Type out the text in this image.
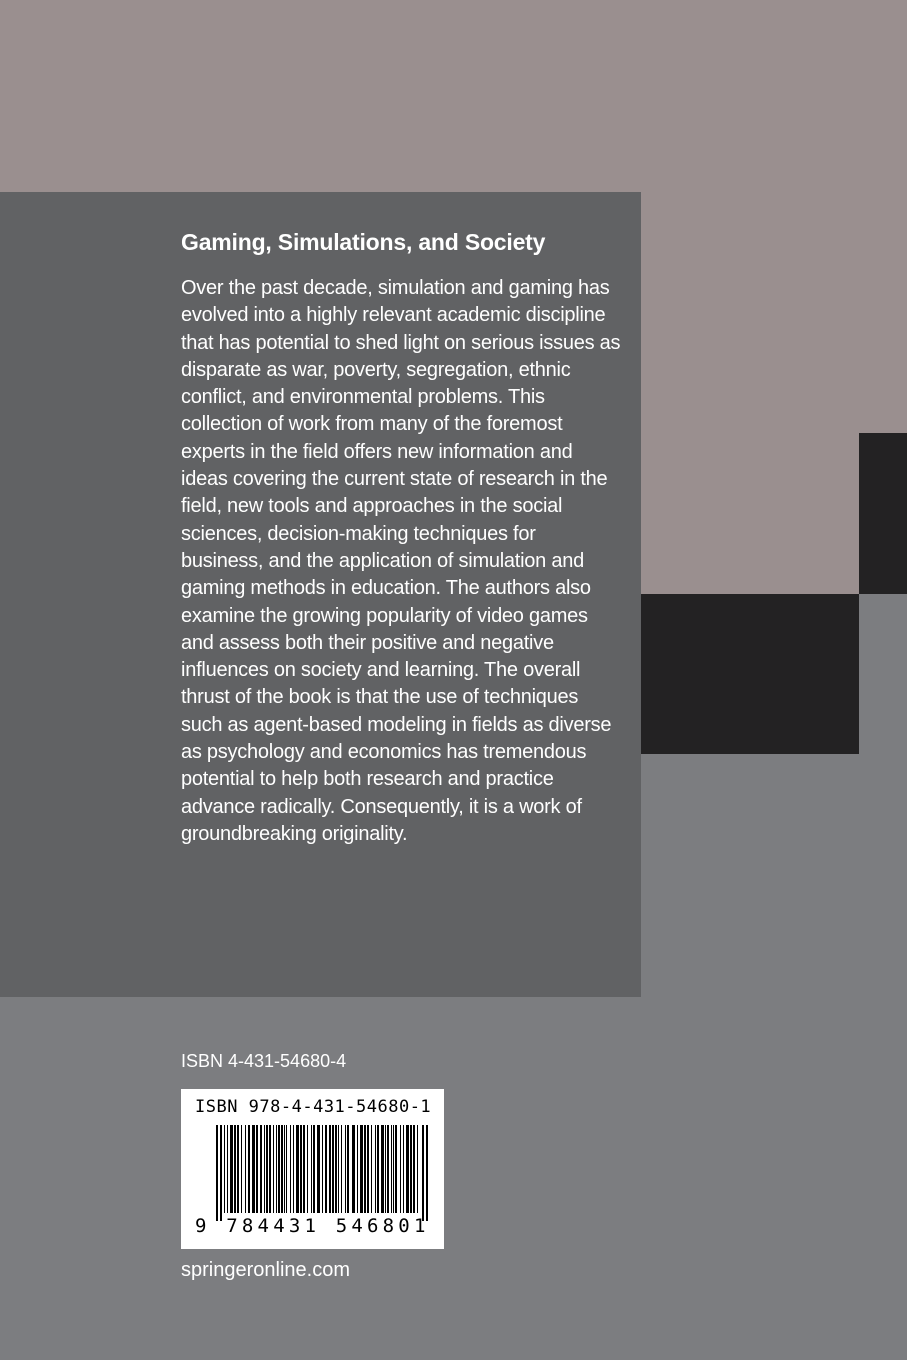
Gaming, Simulations, and Society

Over the past decade, simulation and gaming has evolved into a highly relevant academic discipline that has potential to shed light on serious issues as disparate as war, poverty, segregation, ethnic conflict, and environmental problems. This collection of work from many of the foremost experts in the field offers new information and ideas covering the current state of research in the field, new tools and approaches in the social sciences, decision-making techniques for business, and the application of simulation and gaming methods in education. The authors also examine the growing popularity of video games and assess both their positive and negative influences on society and learning. The overall thrust of the book is that the use of techniques such as agent-based modeling in fields as diverse as psychology and economics has tremendous potential to help both research and practice advance radically. Consequently, it is a work of groundbreaking originality.

ISBN 4-431-54680-4
ISBN 978-4-431-54680-1
9 784431 546801
springeronline.com
